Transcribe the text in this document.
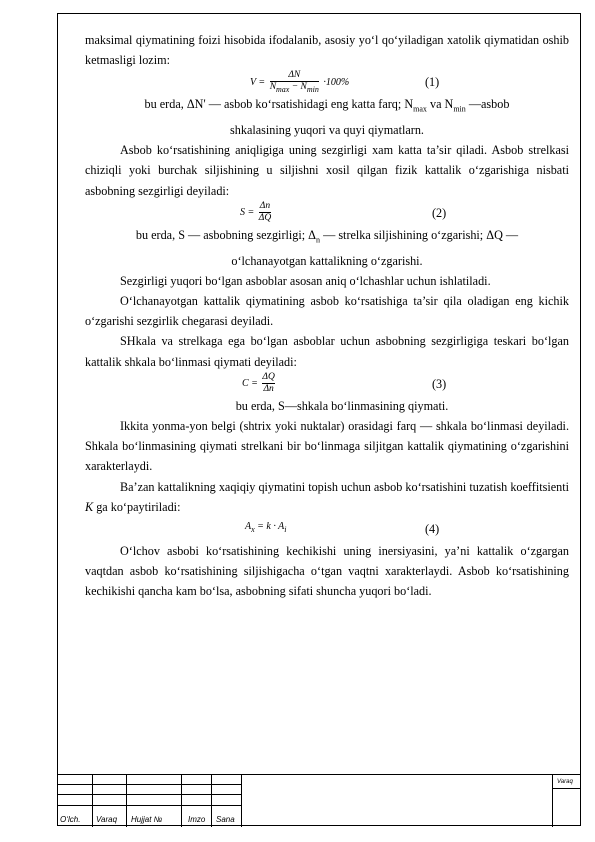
maksimal qiymatining foizi hisobida ifodalanib, asosiy yo‘l qo‘yiladigan xatolik qiymatidan oshib ketmasligi lozim:

$V = \frac{\Delta N}{N_{max} - N_{min}} \cdot 100\%$	(1)

bu erda, ΔN' — asbob ko‘rsatishidagi eng katta farq; $N_{max}$ va $N_{min}$ —asbob

shkalasining yuqori va quyi qiymatlarn.

Asbob ko‘rsatishining aniqligiga uning sezgirligi xam katta ta’sir qiladi. Asbob strelkasi chiziqli yoki burchak siljishining u siljishni xosil qilgan fizik kattalik o‘zgarishiga nisbati asbobning sezgirligi deyiladi:

$S = \frac{\Delta n}{\Delta Q}$	(2)

bu erda, S — asbobning sezgirligi; $\Delta_n$ — strelka siljishining o‘zgarishi; ΔQ —

o‘lchanayotgan kattalikning o‘zgarishi.

Sezgirligi yuqori bo‘lgan asboblar asosan aniq o‘lchashlar uchun ishlatiladi.

O‘lchanayotgan kattalik qiymatining asbob ko‘rsatishiga ta’sir qila oladigan eng kichik o‘zgarishi sezgirlik chegarasi deyiladi.

SHkala va strelkaga ega bo‘lgan asboblar uchun asbobning sezgirligiga teskari bo‘lgan kattalik shkala bo‘linmasi qiymati deyiladi:

$C = \frac{\Delta Q}{\Delta n}$	(3)

bu erda, S—shkala bo‘linmasining qiymati.

Ikkita yonma-yon belgi (shtrix yoki nuktalar) orasidagi farq — shkala bo‘linmasi deyiladi. Shkala bo‘linmasining qiymati strelkani bir bo‘linmaga siljitgan kattalik qiymatining o‘zgarishini xarakterlaydi.

Ba’zan kattalikning xaqiqiy qiymatini topish uchun asbob ko‘rsatishini tuzatish koeffitsienti K ga ko‘paytiriladi:

$A_x = k \cdot A_i$	(4)

O‘lchov asbobi ko‘rsatishining kechikishi uning inersiyasini, ya’ni kattalik o‘zgargan vaqtdan asbob ko‘rsatishining siljishigacha o‘tgan vaqtni xarakterlaydi. Asbob ko‘rsatishining kechikishi qancha kam bo‘lsa, asbobning sifati shuncha yuqori bo‘ladi.

O‘lch. Varaq Hujjat №	Imzo Sana
Varaq
